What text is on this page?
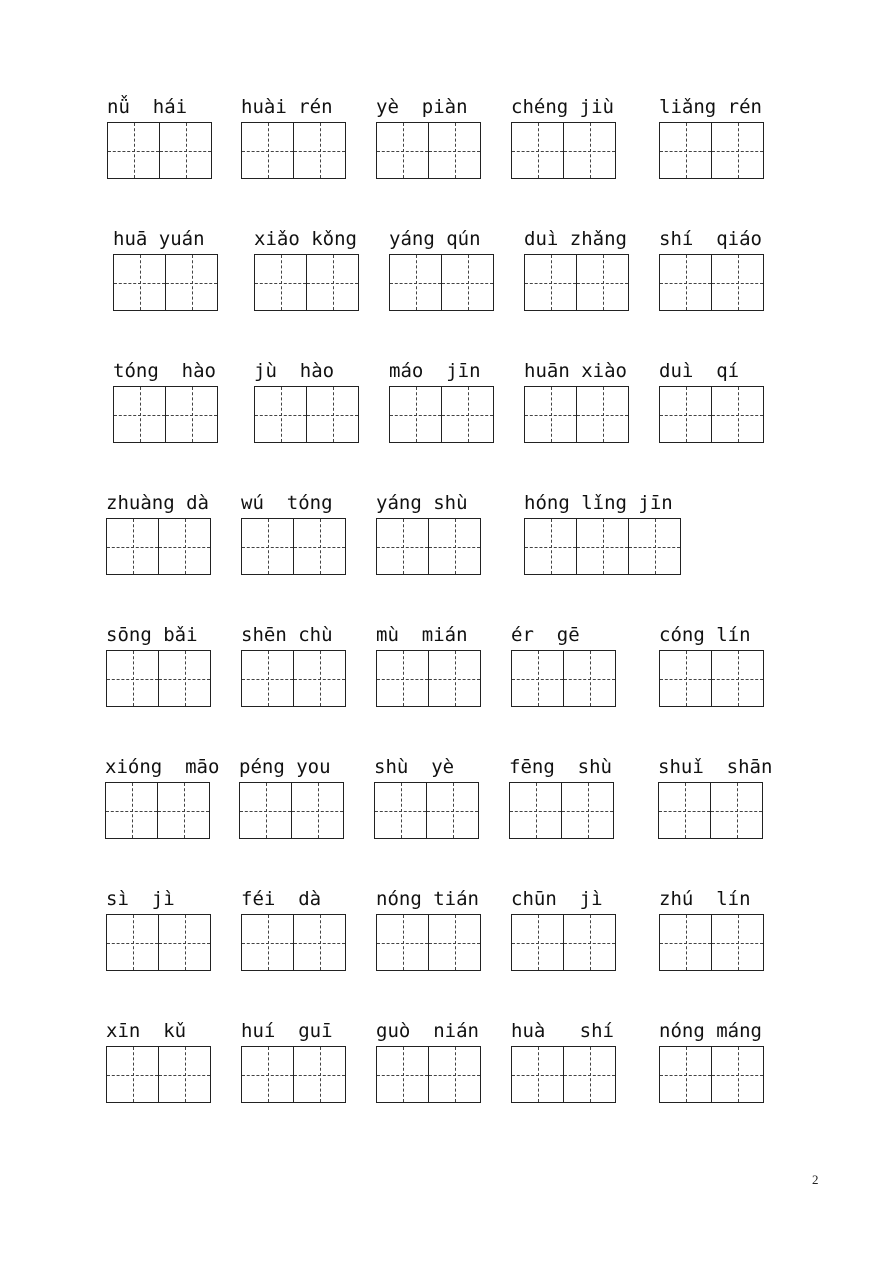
nǚ  hái	huài rén	yè  piàn	chéng jiù	liǎng rén
huā yuán	xiǎo kǒng	yáng qún	duì zhǎng	shí  qiáo
tóng  hào	jù  hào	máo  jīn	huān xiào	duì  qí
zhuàng dà	wú  tóng	yáng shù	hóng lǐng jīn
sōng bǎi	shēn chù	mù  mián	ér  gē	cóng lín
xióng  māo	péng you	shù  yè	fēng  shù	shuǐ  shān
sì  jì	féi  dà	nóng tián	chūn  jì	zhú  lín
xīn  kǔ	huí  guī	guò  nián	huà   shí	nóng máng
2
